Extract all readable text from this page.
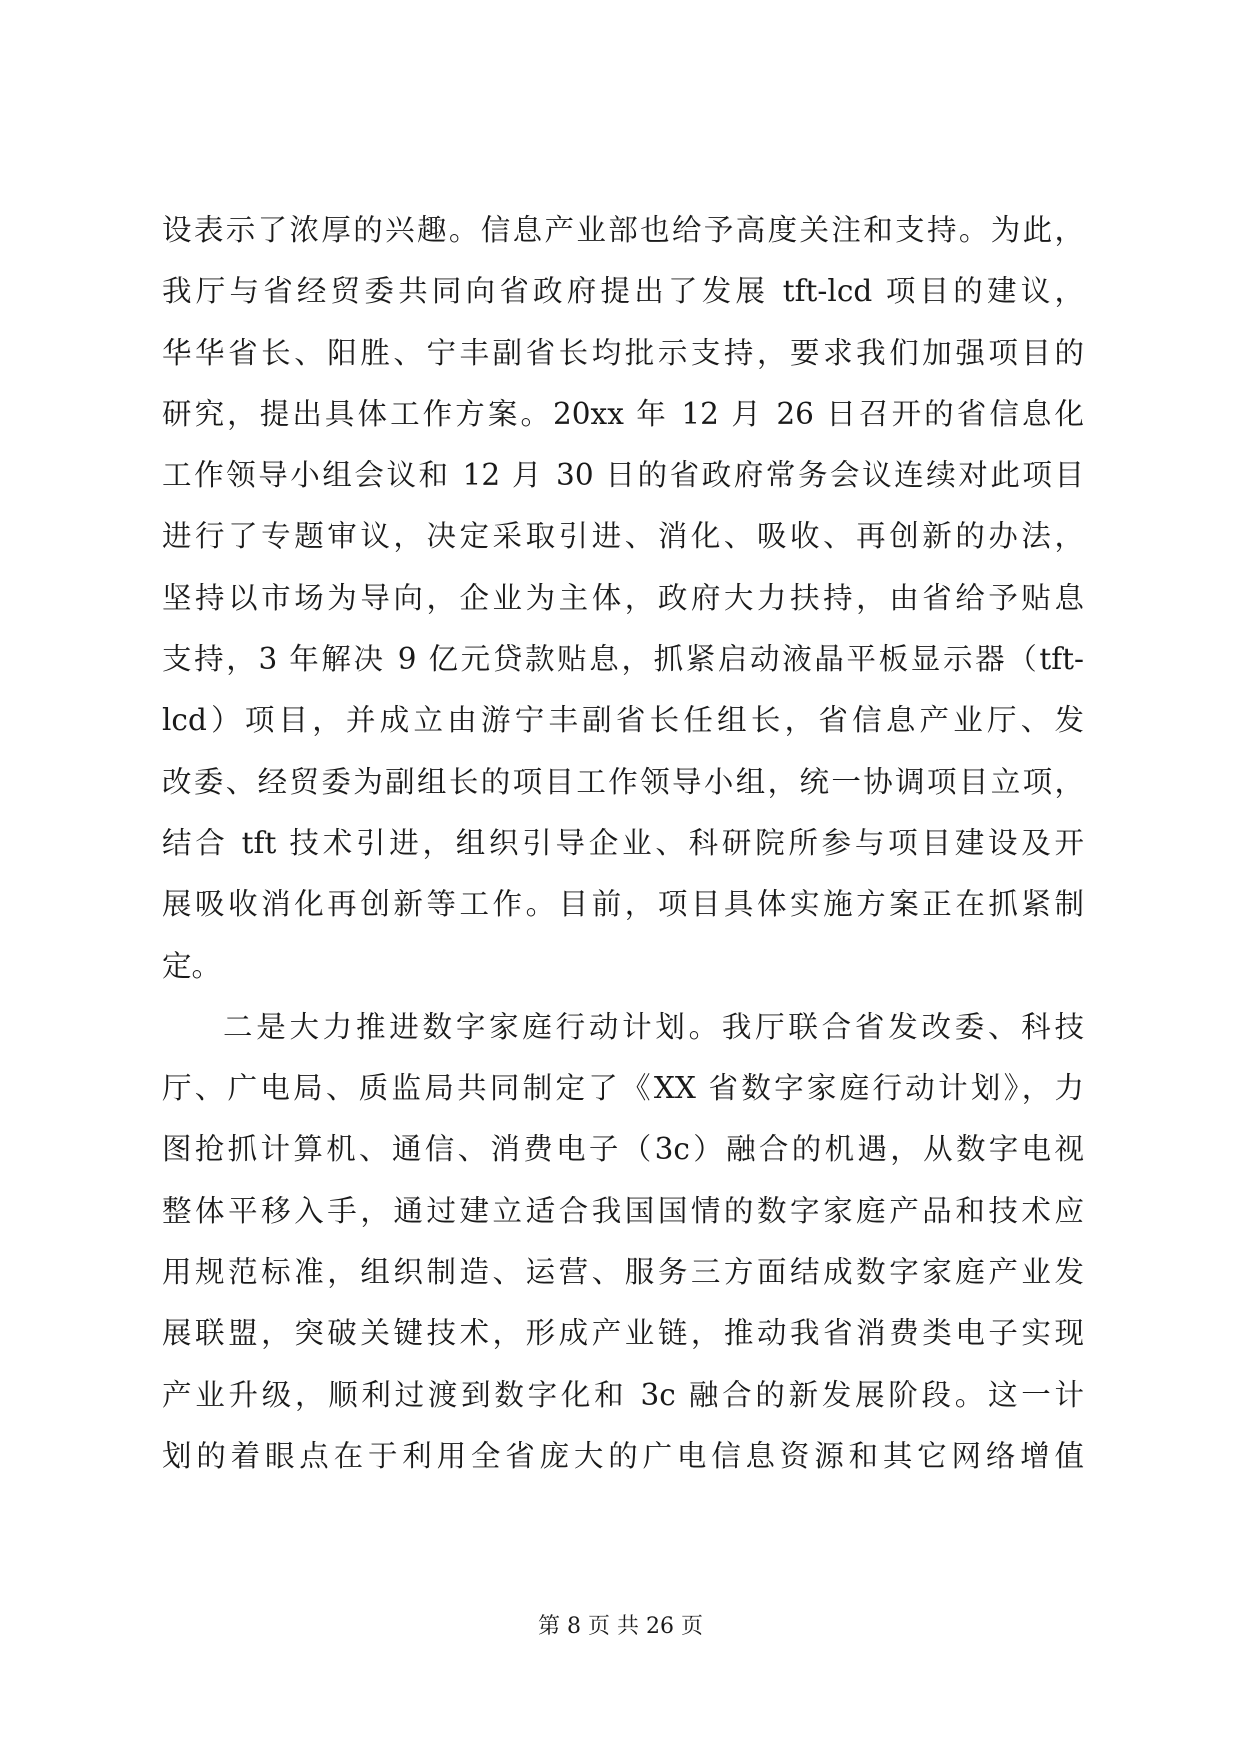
设表示了浓厚的兴趣。信息产业部也给予高度关注和支持。为此，
我厅与省经贸委共同向省政府提出了发展 tft-lcd 项目的建议，
华华省长、阳胜、宁丰副省长均批示支持，要求我们加强项目的
研究，提出具体工作方案。20xx 年 12 月 26 日召开的省信息化
工作领导小组会议和 12 月 30 日的省政府常务会议连续对此项目
进行了专题审议，决定采取引进、消化、吸收、再创新的办法，
坚持以市场为导向，企业为主体，政府大力扶持，由省给予贴息
支持，3 年解决 9 亿元贷款贴息，抓紧启动液晶平板显示器（tft-
lcd）项目，并成立由游宁丰副省长任组长，省信息产业厅、发
改委、经贸委为副组长的项目工作领导小组，统一协调项目立项，
结合 tft 技术引进，组织引导企业、科研院所参与项目建设及开
展吸收消化再创新等工作。目前，项目具体实施方案正在抓紧制
定。
二是大力推进数字家庭行动计划。我厅联合省发改委、科技
厅、广电局、质监局共同制定了《XX 省数字家庭行动计划》，力
图抢抓计算机、通信、消费电子（3c）融合的机遇，从数字电视
整体平移入手，通过建立适合我国国情的数字家庭产品和技术应
用规范标准，组织制造、运营、服务三方面结成数字家庭产业发
展联盟，突破关键技术，形成产业链，推动我省消费类电子实现
产业升级，顺利过渡到数字化和 3c 融合的新发展阶段。这一计
划的着眼点在于利用全省庞大的广电信息资源和其它网络增值
第 8 页 共 26 页
